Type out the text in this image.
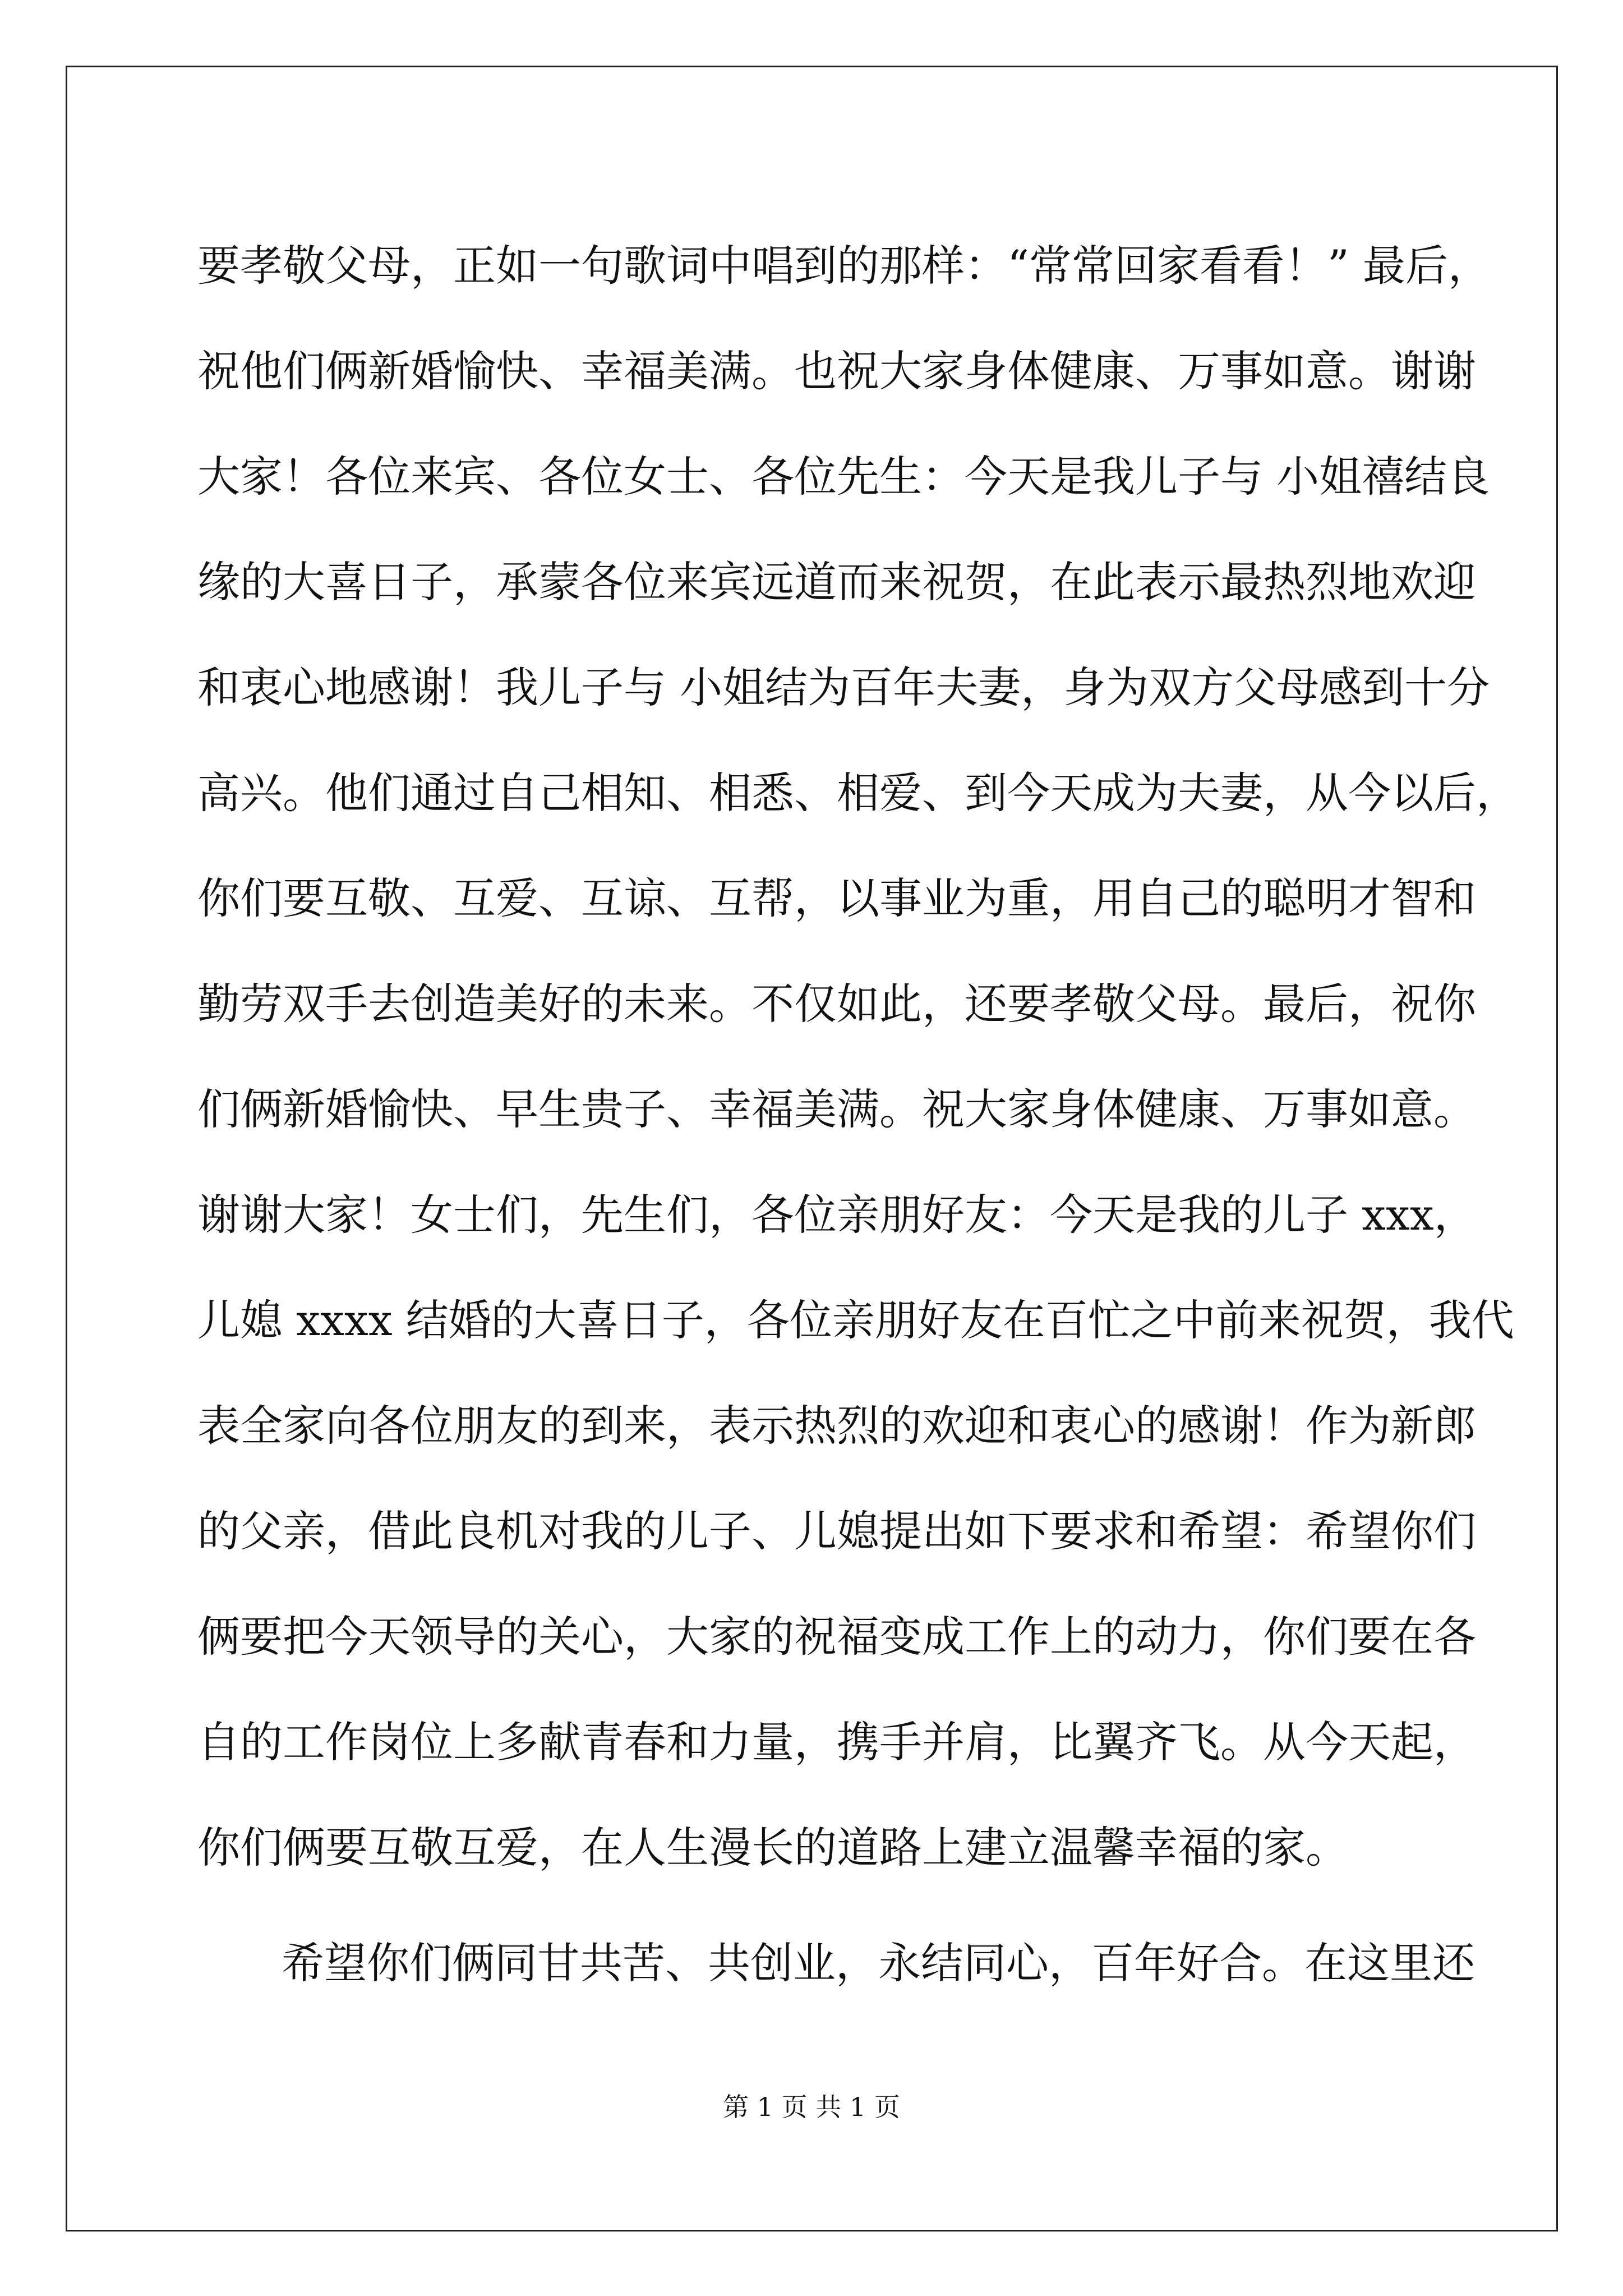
要孝敬父母，正如一句歌词中唱到的那样：“常常回家看看！” 最后，
祝他们俩新婚愉快、幸福美满。也祝大家身体健康、万事如意。谢谢
大家！各位来宾、各位女士、各位先生：今天是我儿子与 小姐禧结良
缘的大喜日子，承蒙各位来宾远道而来祝贺，在此表示最热烈地欢迎
和衷心地感谢！我儿子与 小姐结为百年夫妻，身为双方父母感到十分
高兴。他们通过自己相知、相悉、相爱、到今天成为夫妻，从今以后，
你们要互敬、互爱、互谅、互帮，以事业为重，用自己的聪明才智和
勤劳双手去创造美好的未来。不仅如此，还要孝敬父母。最后，祝你
们俩新婚愉快、早生贵子、幸福美满。祝大家身体健康、万事如意。
谢谢大家！女士们，先生们，各位亲朋好友：今天是我的儿子 xxx，
儿媳 xxxx 结婚的大喜日子，各位亲朋好友在百忙之中前来祝贺，我代
表全家向各位朋友的到来，表示热烈的欢迎和衷心的感谢！作为新郎
的父亲，借此良机对我的儿子、儿媳提出如下要求和希望：希望你们
俩要把今天领导的关心，大家的祝福变成工作上的动力，你们要在各
自的工作岗位上多献青春和力量，携手并肩，比翼齐飞。从今天起，
你们俩要互敬互爱，在人生漫长的道路上建立温馨幸福的家。
希望你们俩同甘共苦、共创业，永结同心，百年好合。在这里还
第 1 页 共 1 页
